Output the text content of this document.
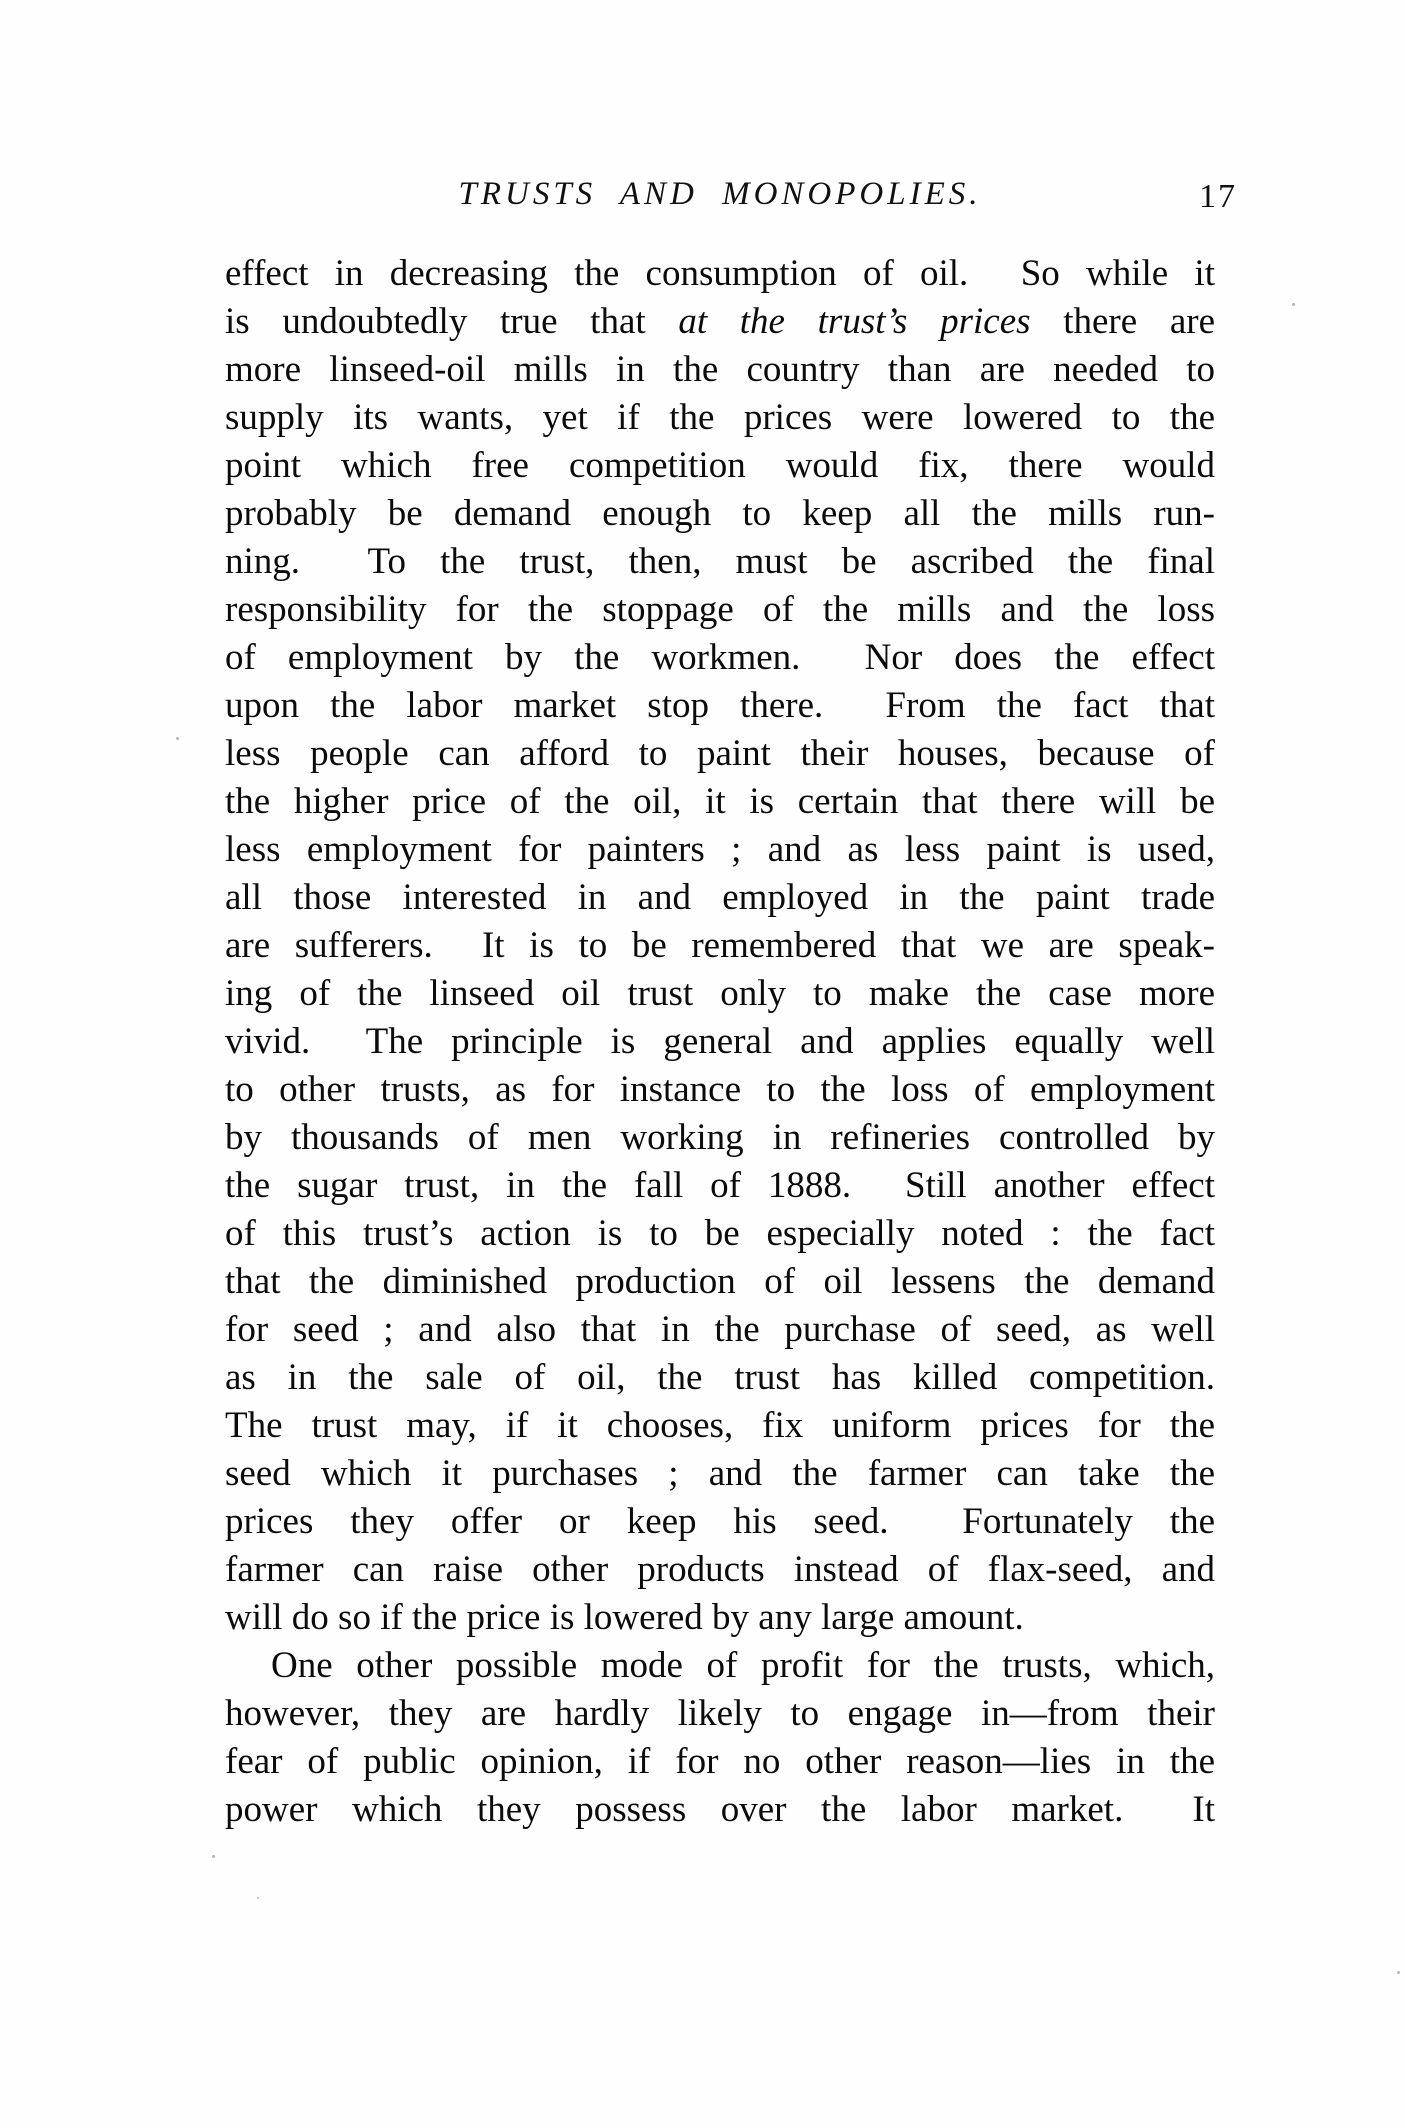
TRUSTS AND MONOPOLIES.	17
effect in decreasing the consumption of oil.  So while it
is undoubtedly true that at the trust’s prices there are
more linseed-oil mills in the country than are needed to
supply its wants, yet if the prices were lowered to the
point which free competition would fix, there would
probably be demand enough to keep all the mills run-
ning.  To the trust, then, must be ascribed the final
responsibility for the stoppage of the mills and the loss
of employment by the workmen.  Nor does the effect
upon the labor market stop there.  From the fact that
less people can afford to paint their houses, because of
the higher price of the oil, it is certain that there will be
less employment for painters ; and as less paint is used,
all those interested in and employed in the paint trade
are sufferers.  It is to be remembered that we are speak-
ing of the linseed oil trust only to make the case more
vivid.  The principle is general and applies equally well
to other trusts, as for instance to the loss of employment
by thousands of men working in refineries controlled by
the sugar trust, in the fall of 1888.  Still another effect
of this trust’s action is to be especially noted : the fact
that the diminished production of oil lessens the demand
for seed ; and also that in the purchase of seed, as well
as in the sale of oil, the trust has killed competition.
The trust may, if it chooses, fix uniform prices for the
seed which it purchases ; and the farmer can take the
prices they offer or keep his seed.  Fortunately the
farmer can raise other products instead of flax-seed, and
will do so if the price is lowered by any large amount.
One other possible mode of profit for the trusts, which,
however, they are hardly likely to engage in—from their
fear of public opinion, if for no other reason—lies in the
power which they possess over the labor market.  It
